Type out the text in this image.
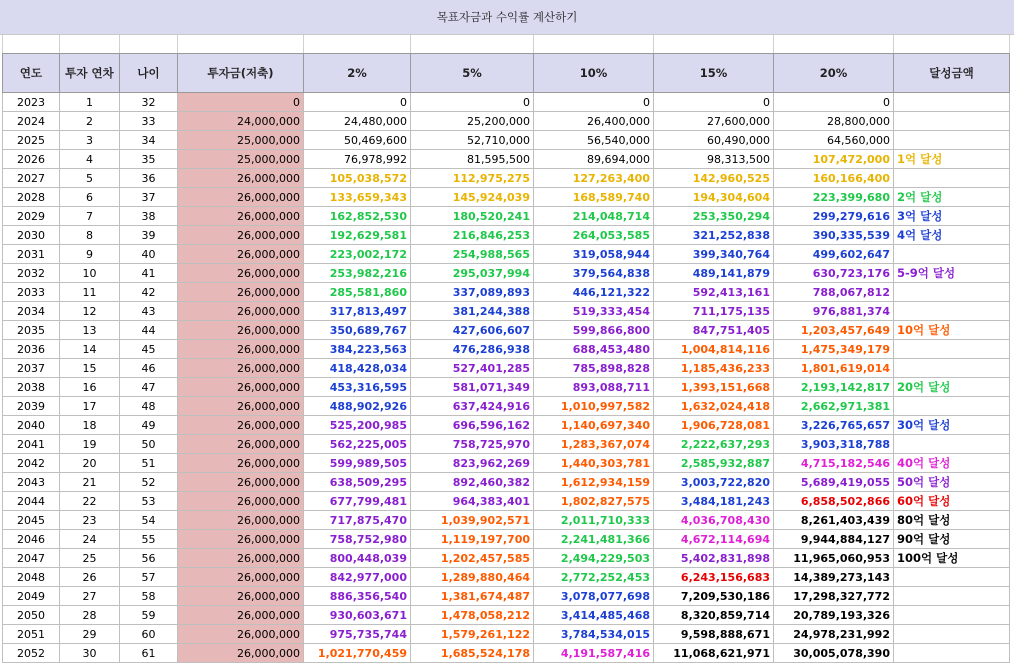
목표자금과 수익률 계산하기
연도	투자 연차	나이	투자금(저축)	2%	5%	10%	15%	20%	달성금액
2023	1	32	0	0	0	0	0	0	
2024	2	33	24,000,000	24,480,000	25,200,000	26,400,000	27,600,000	28,800,000	
2025	3	34	25,000,000	50,469,600	52,710,000	56,540,000	60,490,000	64,560,000	
2026	4	35	25,000,000	76,978,992	81,595,500	89,694,000	98,313,500	107,472,000	1억 달성
2027	5	36	26,000,000	105,038,572	112,975,275	127,263,400	142,960,525	160,166,400	
2028	6	37	26,000,000	133,659,343	145,924,039	168,589,740	194,304,604	223,399,680	2억 달성
2029	7	38	26,000,000	162,852,530	180,520,241	214,048,714	253,350,294	299,279,616	3억 달성
2030	8	39	26,000,000	192,629,581	216,846,253	264,053,585	321,252,838	390,335,539	4억 달성
2031	9	40	26,000,000	223,002,172	254,988,565	319,058,944	399,340,764	499,602,647	
2032	10	41	26,000,000	253,982,216	295,037,994	379,564,838	489,141,879	630,723,176	5-9억 달성
2033	11	42	26,000,000	285,581,860	337,089,893	446,121,322	592,413,161	788,067,812	
2034	12	43	26,000,000	317,813,497	381,244,388	519,333,454	711,175,135	976,881,374	
2035	13	44	26,000,000	350,689,767	427,606,607	599,866,800	847,751,405	1,203,457,649	10억 달성
2036	14	45	26,000,000	384,223,563	476,286,938	688,453,480	1,004,814,116	1,475,349,179	
2037	15	46	26,000,000	418,428,034	527,401,285	785,898,828	1,185,436,233	1,801,619,014	
2038	16	47	26,000,000	453,316,595	581,071,349	893,088,711	1,393,151,668	2,193,142,817	20억 달성
2039	17	48	26,000,000	488,902,926	637,424,916	1,010,997,582	1,632,024,418	2,662,971,381	
2040	18	49	26,000,000	525,200,985	696,596,162	1,140,697,340	1,906,728,081	3,226,765,657	30억 달성
2041	19	50	26,000,000	562,225,005	758,725,970	1,283,367,074	2,222,637,293	3,903,318,788	
2042	20	51	26,000,000	599,989,505	823,962,269	1,440,303,781	2,585,932,887	4,715,182,546	40억 달성
2043	21	52	26,000,000	638,509,295	892,460,382	1,612,934,159	3,003,722,820	5,689,419,055	50억 달성
2044	22	53	26,000,000	677,799,481	964,383,401	1,802,827,575	3,484,181,243	6,858,502,866	60억 달성
2045	23	54	26,000,000	717,875,470	1,039,902,571	2,011,710,333	4,036,708,430	8,261,403,439	80억 달성
2046	24	55	26,000,000	758,752,980	1,119,197,700	2,241,481,366	4,672,114,694	9,944,884,127	90억 달성
2047	25	56	26,000,000	800,448,039	1,202,457,585	2,494,229,503	5,402,831,898	11,965,060,953	100억 달성
2048	26	57	26,000,000	842,977,000	1,289,880,464	2,772,252,453	6,243,156,683	14,389,273,143	
2049	27	58	26,000,000	886,356,540	1,381,674,487	3,078,077,698	7,209,530,186	17,298,327,772	
2050	28	59	26,000,000	930,603,671	1,478,058,212	3,414,485,468	8,320,859,714	20,789,193,326	
2051	29	60	26,000,000	975,735,744	1,579,261,122	3,784,534,015	9,598,888,671	24,978,231,992	
2052	30	61	26,000,000	1,021,770,459	1,685,524,178	4,191,587,416	11,068,621,971	30,005,078,390	
